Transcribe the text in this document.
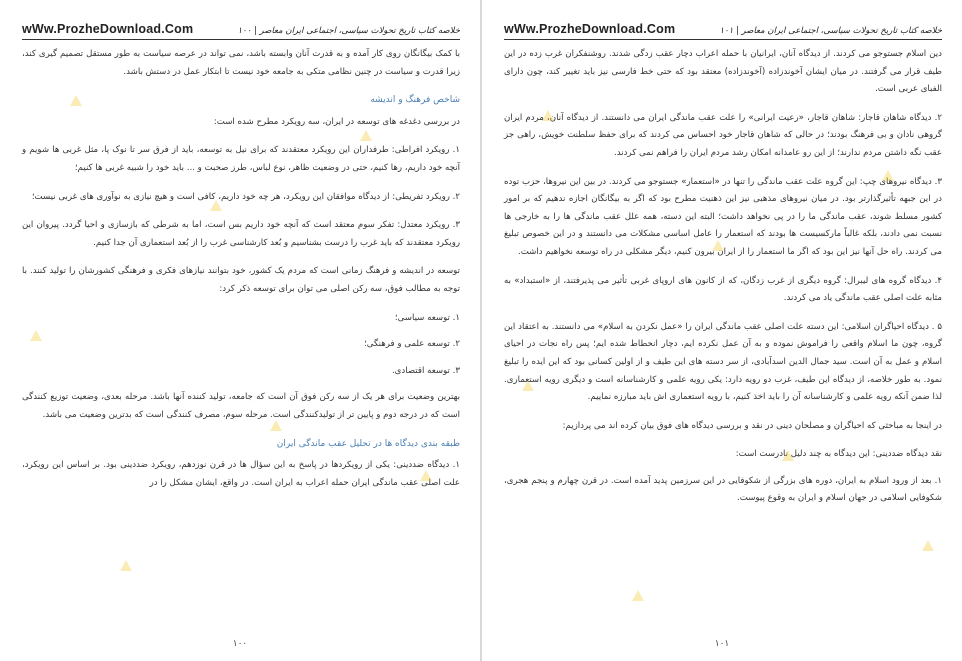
wWw.ProzheDownload.Com	خلاصه کتاب تاریخ تحولات سیاسی، اجتماعی ایران معاصر | ۱۰۰

با کمک بیگانگان روی کار آمده و به قدرت آنان وابسته باشد، نمی تواند در عرصه سیاست به طور مستقل تصمیم گیری کند، زیرا قدرت و سیاست در چنین نظامی متکی به جامعه خود نیست تا ابتکار عمل در دستش باشد.

شاخص فرهنگ و اندیشه

در بررسی دغدغه های توسعه در ایران، سه رویکرد مطرح شده است:

۱. رویکرد افراطی: طرفداران این رویکرد معتقدند که برای نیل به توسعه، باید از فرق سر تا نوک پا، مثل غربی ها شویم و آنچه خود داریم، رها کنیم، حتی در وضعیت ظاهر، نوع لباس، طرز صحبت و ... باید خود را شبیه غربی ها کنیم؛

۲. رویکرد تفریطی: از دیدگاه موافقان این رویکرد، هر چه خود داریم، کافی است و هیچ نیازی به نوآوری های غربی نیست؛

۳. رویکرد معتدل: تفکر سوم معتقد است که آنچه خود داریم بس است، اما به شرطی که بازسازی و احیا گردد. پیروان این رویکرد معتقدند که باید غرب را درست بشناسیم و بُعد کارشناسی غرب را از بُعد استعماری آن جدا کنیم.

توسعه در اندیشه و فرهنگ زمانی است که مردم یک کشور، خود بتوانند نیازهای فکری و فرهنگی کشورشان را تولید کنند. با توجه به مطالب فوق، سه رکن اصلی می توان برای توسعه ذکر کرد:

۱. توسعه سیاسی؛

۲. توسعه علمی و فرهنگی؛

۳. توسعه اقتصادی.

بهترین وضعیت برای هر یک از سه رکن فوق آن است که جامعه، تولید کننده آنها باشد. مرحله بعدی، وضعیت توزیع کنندگی است که در درجه دوم و پایین تر از تولیدکنندگی است. مرحله سوم، مصرف کنندگی است که بدترین وضعیت می باشد.

طبقه بندی دیدگاه ها در تحلیل عقب ماندگی ایران

۱. دیدگاه ضددینی: یکی از رویکردها در پاسخ به این سؤال ها در قرن نوزدهم، رویکرد ضددینی بود. بر اساس این رویکرد، علت اصلی عقب ماندگی ایران حمله اعراب به ایران است. در واقع، ایشان مشکل را در

۱۰۰
wWw.ProzheDownload.Com	خلاصه کتاب تاریخ تحولات سیاسی، اجتماعی ایران معاصر | ۱۰۱

دین اسلام جستوجو می کردند. از دیدگاه آنان، ایرانیان با حمله اعراب دچار عقب زدگی شدند. روشنفکران غرب زده در این طیف قرار می گرفتند. در میان ایشان آخوندزاده (آخوندزاده) معتقد بود که حتی خط فارسی نیز باید تغییر کند، چون دارای الفبای عربی است.

۲. دیدگاه شاهان قاجار: شاهان قاجار، «رعیت ایرانی» را علت عقب ماندگی ایران می دانستند. از دیدگاه آنان، مردم ایران گروهی نادان و بی فرهنگ بودند؛ در حالی که شاهان قاجار خود احساس می کردند که برای حفظ سلطنت خویش، راهی جز عقب نگه داشتن مردم ندارند؛ از این رو عامدانه امکان رشد مردم ایران را فراهم نمی کردند.

۳. دیدگاه نیروهای چپ: این گروه علت عقب ماندگی را تنها در «استعمار» جستوجو می کردند. در بین این نیروها، حزب توده در این جبهه تأثیرگذارتر بود. در میان نیروهای مذهبی نیز این ذهنیت مطرح بود که اگر به بیگانگان اجازه ندهیم که بر امور کشور مسلط شوند، عقب ماندگی ما را در پی نخواهد داشت؛ البته این دسته، همه علل عقب ماندگی ها را به خارجی ها نسبت نمی دادند، بلکه غالباً مارکسیست ها بودند که استعمار را عامل اساسی مشکلات می دانستند و در این خصوص تبلیغ می کردند. راه حل آنها نیز این بود که اگر ما استعمار را از ایران بیرون کنیم، دیگر مشکلی در راه توسعه نخواهیم داشت.

۴. دیدگاه گروه های لیبرال: گروه دیگری از غرب زدگان، که از کانون های اروپای غربی تأثیر می پذیرفتند، از «استبداد» به مثابه علت اصلی عقب ماندگی یاد می کردند.

۵ . دیدگاه احیاگران اسلامی: این دسته علت اصلی عقب ماندگی ایران را «عمل نکردن به اسلام» می دانستند. به اعتقاد این گروه، چون ما اسلام واقعی را فراموش نموده و به آن عمل نکرده ایم، دچار انحطاط شده ایم؛ پس راه نجات در احیای اسلام و عمل به آن است. سید جمال الدین اسدآبادی، از سر دسته های این طیف و از اولین کسانی بود که این ایده را تبلیغ نمود. به طور خلاصه، از دیدگاه این طیف، غرب دو رویه دارد: یکی رویه علمی و کارشناسانه است و دیگری رویه استعماری. لذا ضمن آنکه رویه علمی و کارشناسانه آن را باید اخذ کنیم، با رویه استعماری اش باید مبارزه نماییم.

در اینجا به مباحثی که احیاگران و مصلحان دینی در نقد و بررسی دیدگاه های فوق بیان کرده اند می پردازیم:

نقد دیدگاه ضددینی: این دیدگاه به چند دلیل نادرست است:

۱. بعد از ورود اسلام به ایران، دوره های بزرگی از شکوفایی در این سرزمین پدید آمده است. در قرن چهارم و پنجم هجری، شکوفایی اسلامی در جهان اسلام و ایران به وقوع پیوست.

۱۰۱
